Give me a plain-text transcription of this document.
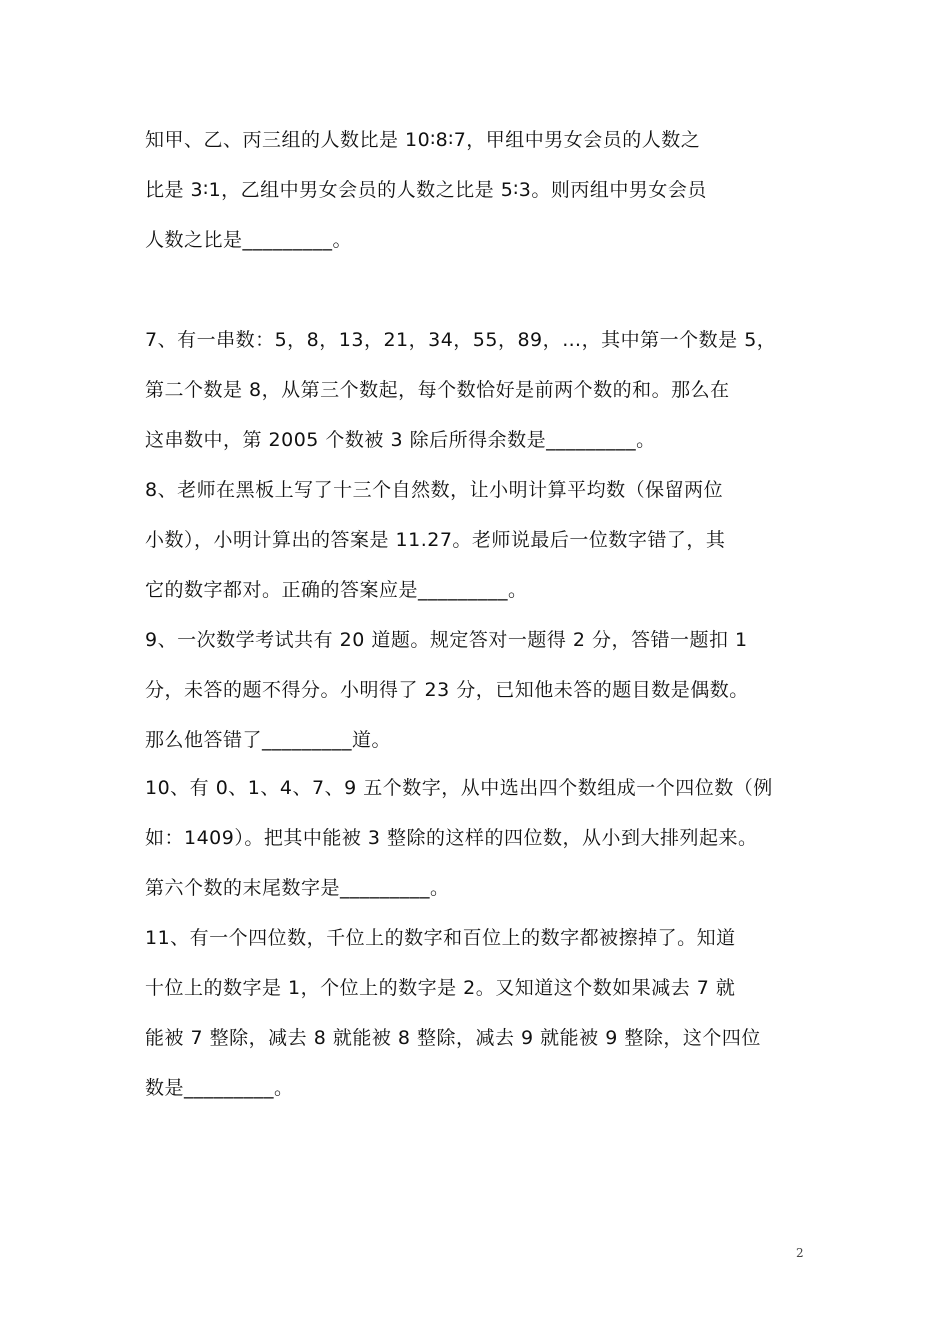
知甲、乙、丙三组的人数比是 10∶8∶7，甲组中男女会员的人数之
比是 3∶1，乙组中男女会员的人数之比是 5∶3。则丙组中男女会员
人数之比是_________。
7、有一串数：5，8，13，21，34，55，89，…，其中第一个数是 5，
第二个数是 8，从第三个数起，每个数恰好是前两个数的和。那么在
这串数中，第 2005 个数被 3 除后所得余数是_________。
8、老师在黑板上写了十三个自然数，让小明计算平均数（保留两位
小数），小明计算出的答案是 11.27。老师说最后一位数字错了，其
它的数字都对。正确的答案应是_________。
9、一次数学考试共有 20 道题。规定答对一题得 2 分，答错一题扣 1
分，未答的题不得分。小明得了 23 分，已知他未答的题目数是偶数。
那么他答错了_________道。
10、有 0、1、4、7、9 五个数字，从中选出四个数组成一个四位数（例
如：1409）。把其中能被 3 整除的这样的四位数，从小到大排列起来。
第六个数的末尾数字是_________。
11、有一个四位数，千位上的数字和百位上的数字都被擦掉了。知道
十位上的数字是 1，个位上的数字是 2。又知道这个数如果减去 7 就
能被 7 整除，减去 8 就能被 8 整除，减去 9 就能被 9 整除，这个四位
数是_________。
2
